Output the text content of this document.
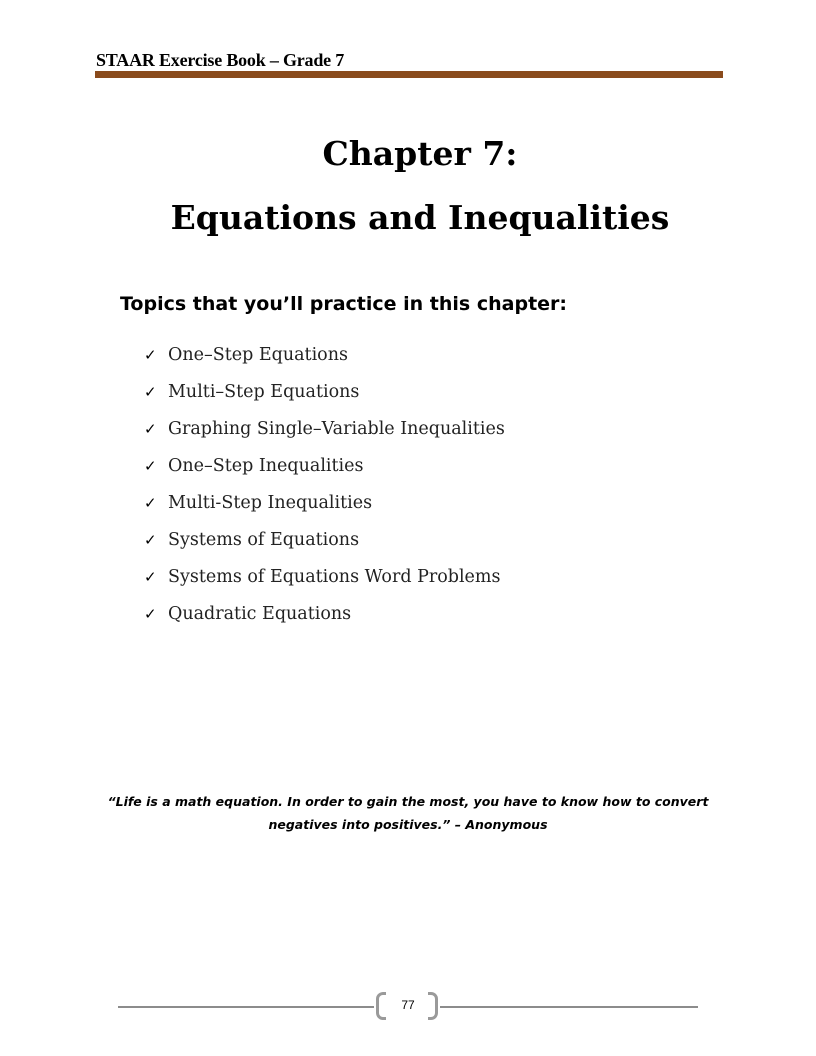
STAAR Exercise Book – Grade 7
Chapter 7:
Equations and Inequalities
Topics that you’ll practice in this chapter:
✓ One–Step Equations
✓ Multi–Step Equations
✓ Graphing Single–Variable Inequalities
✓ One–Step Inequalities
✓ Multi-Step Inequalities
✓ Systems of Equations
✓ Systems of Equations Word Problems
✓ Quadratic Equations
“Life is a math equation. In order to gain the most, you have to know how to convert
negatives into positives.” – Anonymous
77
